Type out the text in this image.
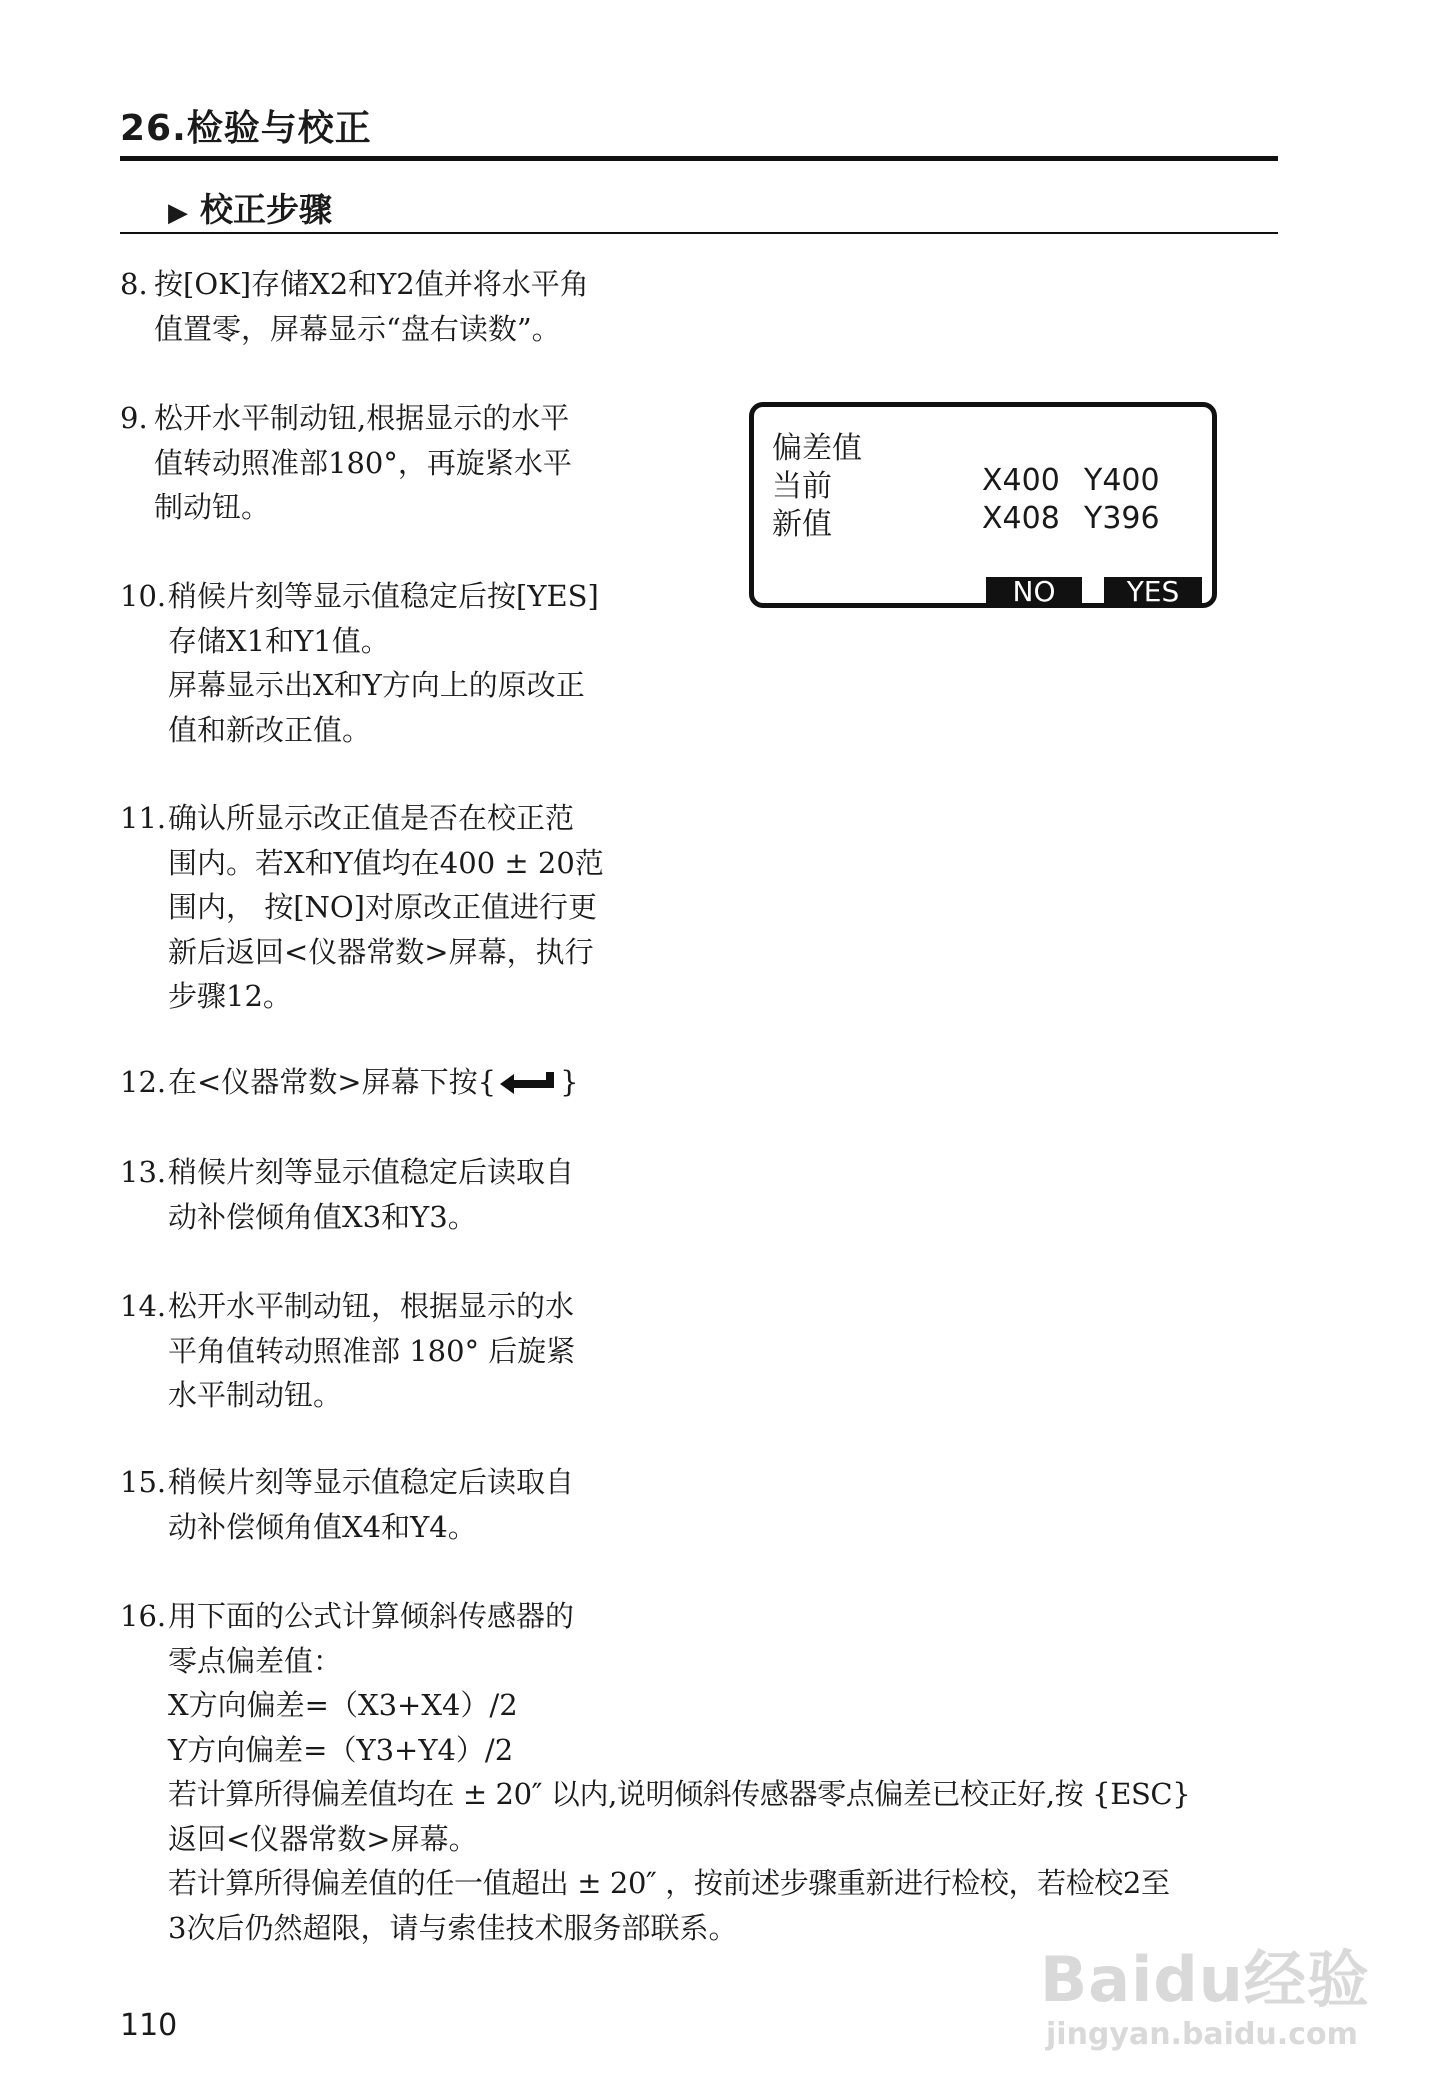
26.检验与校正
▶ 校正步骤
8. 按[OK]存储X2和Y2值并将水平角
值置零，屏幕显示“盘右读数”。
9. 松开水平制动钮,根据显示的水平
值转动照准部180°，再旋紧水平
制动钮。
10. 稍候片刻等显示值稳定后按[YES]
存储X1和Y1值。
屏幕显示出X和Y方向上的原改正
值和新改正值。
11. 确认所显示改正值是否在校正范
围内。若X和Y值均在400 ± 20范
围内， 按[NO]对原改正值进行更
新后返回<仪器常数>屏幕，执行
步骤12。
12. 在<仪器常数>屏幕下按{ }
13. 稍候片刻等显示值稳定后读取自
动补偿倾角值X3和Y3。
14. 松开水平制动钮，根据显示的水
平角值转动照准部 180° 后旋紧
水平制动钮。
15. 稍候片刻等显示值稳定后读取自
动补偿倾角值X4和Y4。
16. 用下面的公式计算倾斜传感器的
零点偏差值：
X方向偏差=（X3+X4）/2
Y方向偏差=（Y3+Y4）/2
若计算所得偏差值均在 ± 20″ 以内,说明倾斜传感器零点偏差已校正好,按 {ESC}
返回<仪器常数>屏幕。
若计算所得偏差值的任一值超出 ± 20″ ，按前述步骤重新进行检校，若检校2至
3次后仍然超限，请与索佳技术服务部联系。
偏差值
当前	X400 Y400
新值	X408 Y396
NO	YES
110
Baidu经验
jingyan.baidu.com
